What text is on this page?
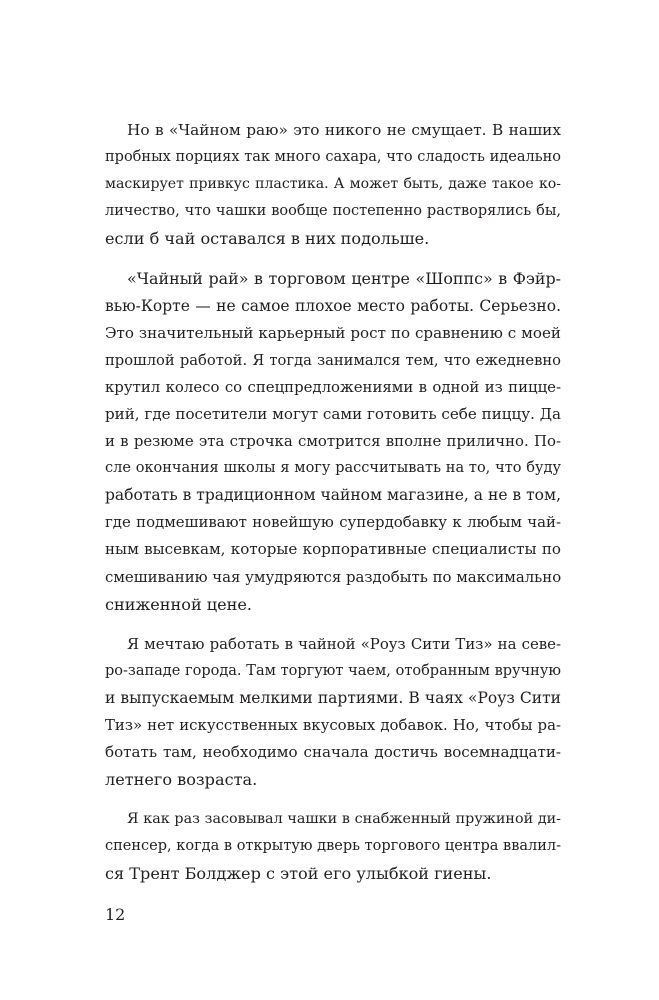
Но в «Чайном раю» это никого не смущает. В наших
пробных порциях так много сахара, что сладость идеально
маскирует привкус пластика. А может быть, даже такое ко-
личество, что чашки вообще постепенно растворялись бы,
если б чай оставался в них подольше.
«Чайный рай» в торговом центре «Шоппс» в Фэйр-
вью-Корте — не самое плохое место работы. Серьезно.
Это значительный карьерный рост по сравнению с моей
прошлой работой. Я тогда занимался тем, что ежедневно
крутил колесо со спецпредложениями в одной из пицце-
рий, где посетители могут сами готовить себе пиццу. Да
и в резюме эта строчка смотрится вполне прилично. По-
сле окончания школы я могу рассчитывать на то, что буду
работать в традиционном чайном магазине, а не в том,
где подмешивают новейшую супердобавку к любым чай-
ным высевкам, которые корпоративные специалисты по
смешиванию чая умудряются раздобыть по максимально
сниженной цене.
Я мечтаю работать в чайной «Роуз Сити Тиз» на севе-
ро-западе города. Там торгуют чаем, отобранным вручную
и выпускаемым мелкими партиями. В чаях «Роуз Сити
Тиз» нет искусственных вкусовых добавок. Но, чтобы ра-
ботать там, необходимо сначала достичь восемнадцати-
летнего возраста.
Я как раз засовывал чашки в снабженный пружиной ди-
спенсер, когда в открытую дверь торгового центра ввалил-
ся Трент Болджер с этой его улыбкой гиены.
12
